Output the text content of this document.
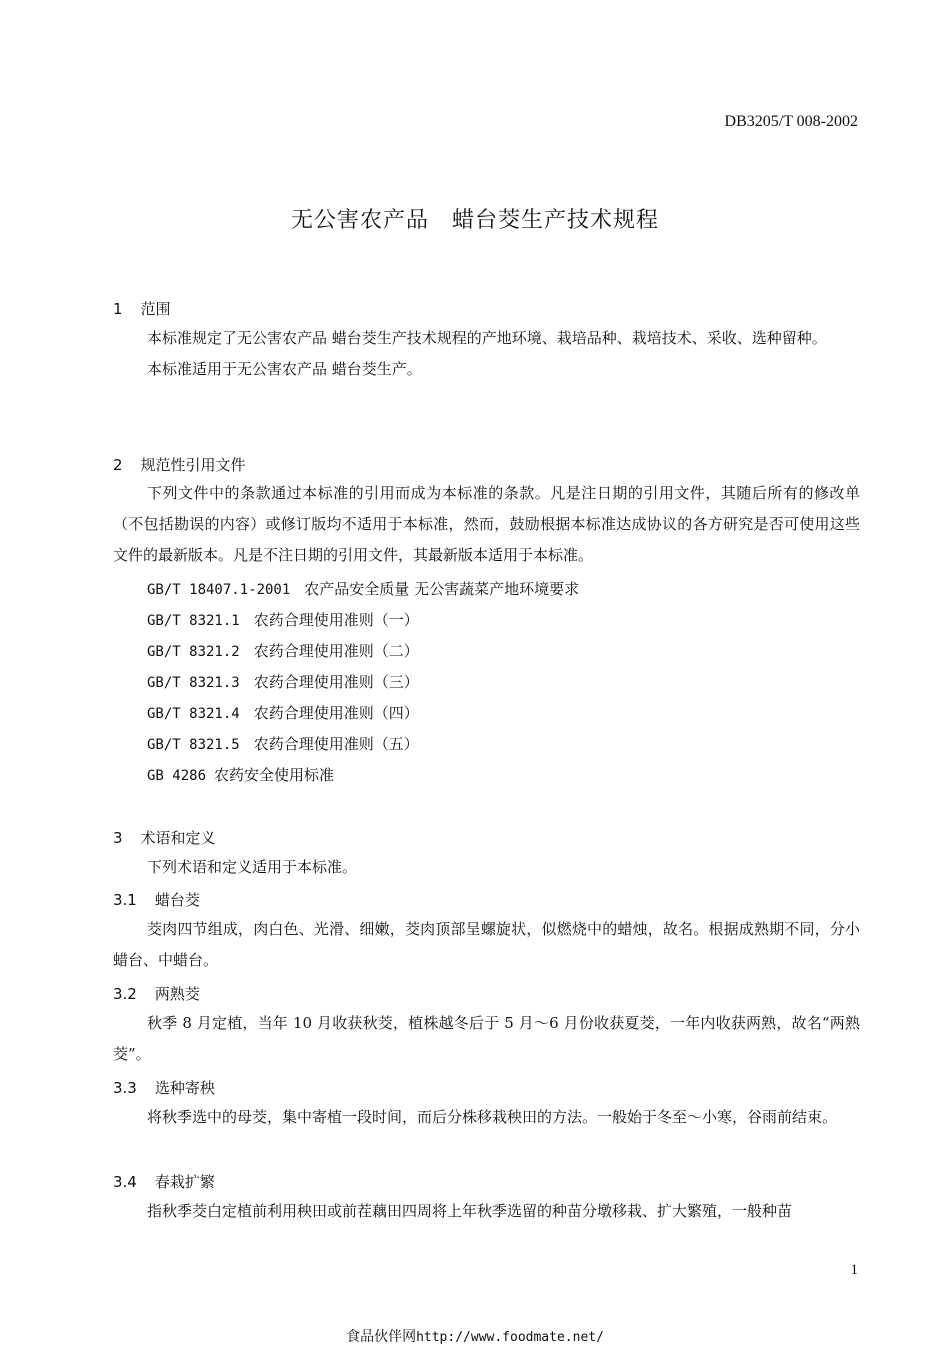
DB3205/T 008-2002
无公害农产品　蜡台茭生产技术规程
1 范围
本标准规定了无公害农产品 蜡台茭生产技术规程的产地环境、栽培品种、栽培技术、采收、选种留种。
本标准适用于无公害农产品 蜡台茭生产。
2 规范性引用文件
下列文件中的条款通过本标准的引用而成为本标准的条款。凡是注日期的引用文件，其随后所有的修改单（不包括勘误的内容）或修订版均不适用于本标准，然而，鼓励根据本标准达成协议的各方研究是否可使用这些文件的最新版本。凡是不注日期的引用文件，其最新版本适用于本标准。
GB/T 18407.1-2001 农产品安全质量 无公害蔬菜产地环境要求
GB/T 8321.1 农药合理使用准则（一）
GB/T 8321.2 农药合理使用准则（二）
GB/T 8321.3 农药合理使用准则（三）
GB/T 8321.4 农药合理使用准则（四）
GB/T 8321.5 农药合理使用准则（五）
GB 4286 农药安全使用标准
3 术语和定义
下列术语和定义适用于本标准。
3.1 蜡台茭
茭肉四节组成，肉白色、光滑、细嫩，茭肉顶部呈螺旋状，似燃烧中的蜡烛，故名。根据成熟期不同，分小蜡台、中蜡台。
3.2 两熟茭
秋季 8 月定植，当年 10 月收获秋茭，植株越冬后于 5 月～6 月份收获夏茭，一年内收获两熟，故名“两熟茭”。
3.3 选种寄秧
将秋季选中的母茭，集中寄植一段时间，而后分株移栽秧田的方法。一般始于冬至～小寒，谷雨前结束。
3.4 春栽扩繁
指秋季茭白定植前利用秧田或前茬藕田四周将上年秋季选留的种苗分墩移栽、扩大繁殖，一般种苗
1
食品伙伴网http://www.foodmate.net/
